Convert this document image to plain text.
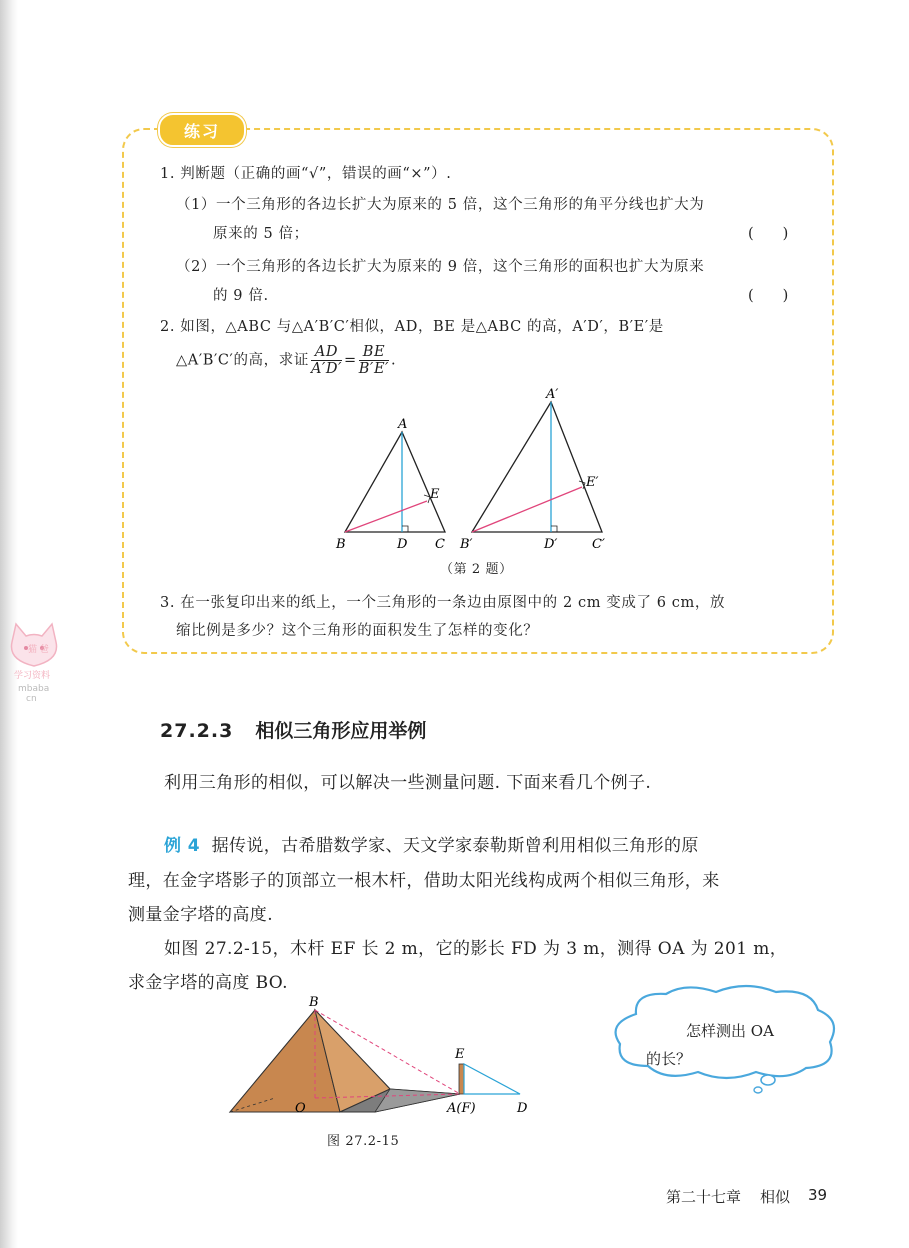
猫 爸
学习资料
mbaba
cn
练习
1. 判断题（正确的画“√”，错误的画“×”）.
（1）一个三角形的各边长扩大为原来的 5 倍，这个三角形的角平分线也扩大为
原来的 5 倍；	(　　)
（2）一个三角形的各边长扩大为原来的 9 倍，这个三角形的面积也扩大为原来
的 9 倍.	(　　)
2. 如图，△ABC 与△A′B′C′相似，AD，BE 是△ABC 的高，A′D′，B′E′是
△A′B′C′的高，求证 $\frac{AD}{A'D'} = \frac{BE}{B'E'}$ .
A
B	D C
E
A′
B′	D′	C′
E′
（第 2 题）
3. 在一张复印出来的纸上，一个三角形的一条边由原图中的 2 cm 变成了 6 cm，放
缩比例是多少？这个三角形的面积发生了怎样的变化？
27.2.3 相似三角形应用举例
利用三角形的相似，可以解决一些测量问题. 下面来看几个例子.
例 4 据传说，古希腊数学家、天文学家泰勒斯曾利用相似三角形的原
理，在金字塔影子的顶部立一根木杆，借助太阳光线构成两个相似三角形，来
测量金字塔的高度.
如图 27.2-15，木杆 EF 长 2 m，它的影长 FD 为 3 m，测得 OA 为 201 m，
求金字塔的高度 BO.
B
O
E
A(F)	D
图 27.2-15
怎样测出 OA
的长？
第二十七章 相似 39
